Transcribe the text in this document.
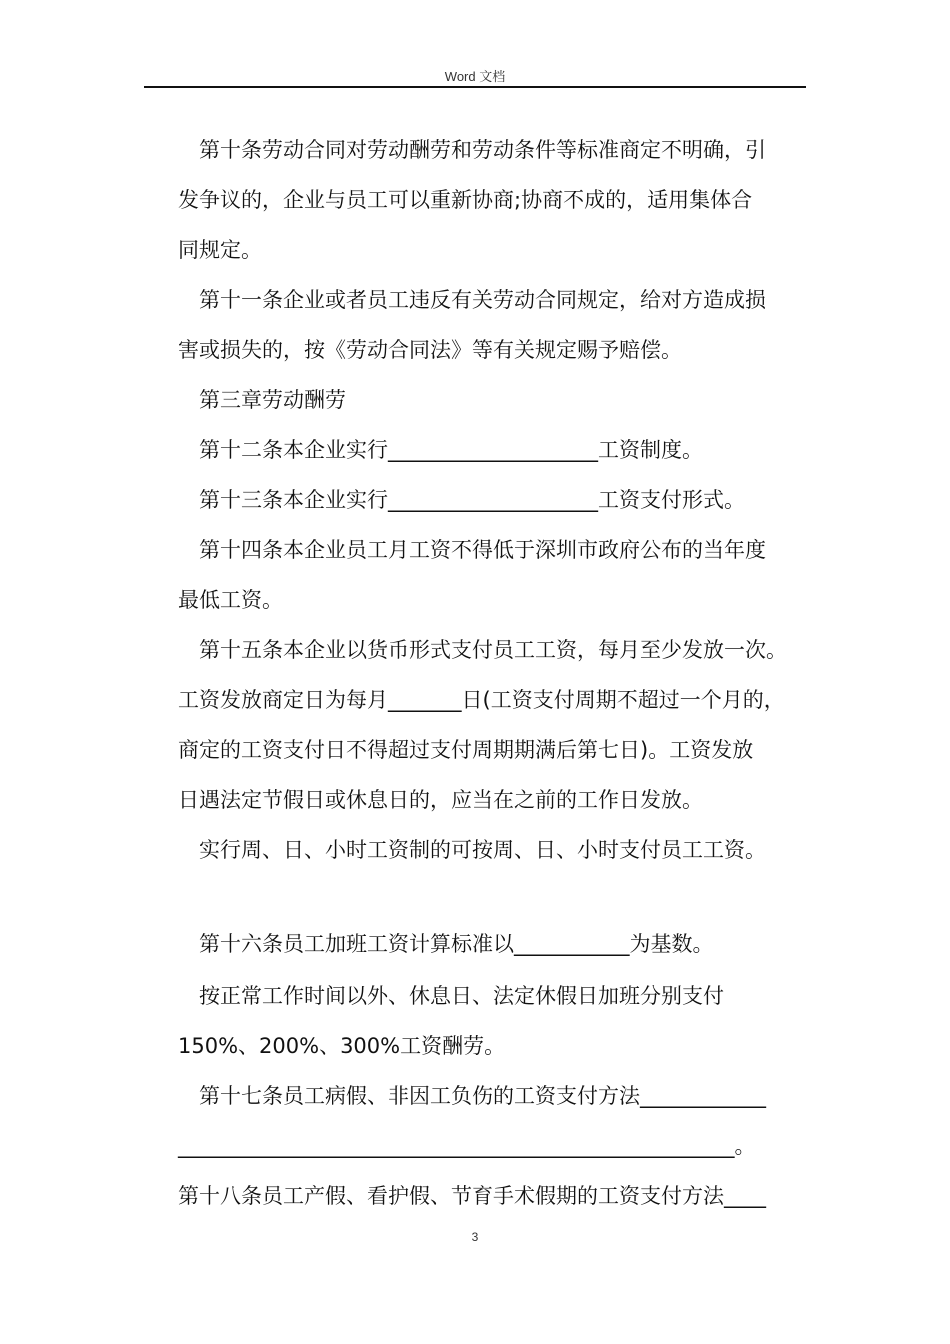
Word 文档
第十条劳动合同对劳动酬劳和劳动条件等标准商定不明确，引
发争议的，企业与员工可以重新协商;协商不成的，适用集体合
同规定。
第十一条企业或者员工违反有关劳动合同规定，给对方造成损
害或损失的，按《劳动合同法》等有关规定赐予赔偿。
第三章劳动酬劳
第十二条本企业实行____________________工资制度。
第十三条本企业实行____________________工资支付形式。
第十四条本企业员工月工资不得低于深圳市政府公布的当年度
最低工资。
第十五条本企业以货币形式支付员工工资，每月至少发放一次。
工资发放商定日为每月_______日(工资支付周期不超过一个月的，
商定的工资支付日不得超过支付周期期满后第七日)。工资发放
日遇法定节假日或休息日的，应当在之前的工作日发放。
实行周、日、小时工资制的可按周、日、小时支付员工工资。
第十六条员工加班工资计算标准以___________为基数。
按正常工作时间以外、休息日、法定休假日加班分别支付
150%、200%、300%工资酬劳。
第十七条员工病假、非因工负伤的工资支付方法____________
_____________________________________________________。
第十八条员工产假、看护假、节育手术假期的工资支付方法____
3
